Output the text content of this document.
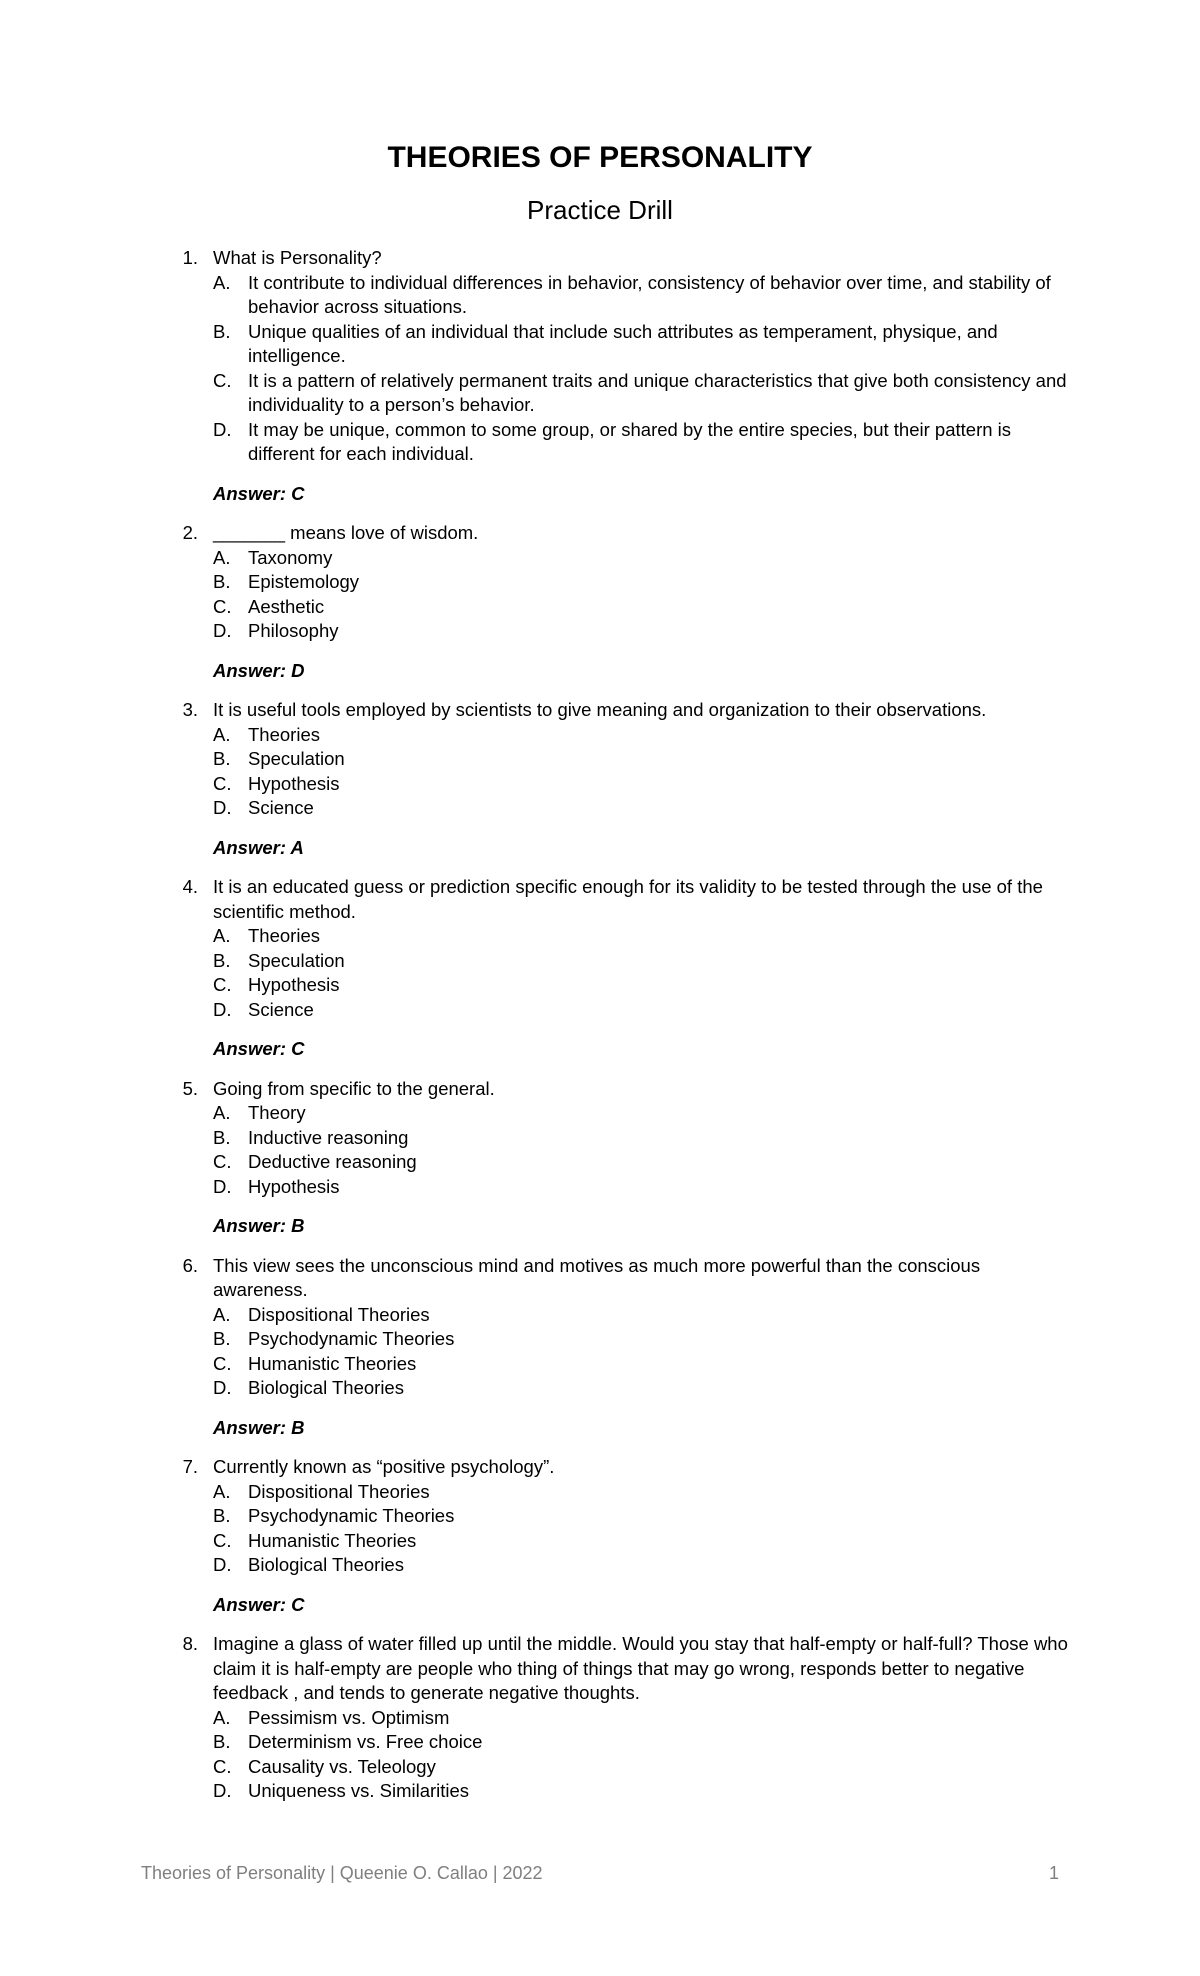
THEORIES OF PERSONALITY
Practice Drill
1. What is Personality?
A. It contribute to individual differences in behavior, consistency of behavior over time, and stability of behavior across situations.
B. Unique qualities of an individual that include such attributes as temperament, physique, and intelligence.
C. It is a pattern of relatively permanent traits and unique characteristics that give both consistency and individuality to a person’s behavior.
D. It may be unique, common to some group, or shared by the entire species, but their pattern is different for each individual.
Answer: C
2. _______ means love of wisdom.
A. Taxonomy
B. Epistemology
C. Aesthetic
D. Philosophy
Answer: D
3. It is useful tools employed by scientists to give meaning and organization to their observations.
A. Theories
B. Speculation
C. Hypothesis
D. Science
Answer: A
4. It is an educated guess or prediction specific enough for its validity to be tested through the use of the scientific method.
A. Theories
B. Speculation
C. Hypothesis
D. Science
Answer: C
5. Going from specific to the general.
A. Theory
B. Inductive reasoning
C. Deductive reasoning
D. Hypothesis
Answer: B
6. This view sees the unconscious mind and motives as much more powerful than the conscious awareness.
A. Dispositional Theories
B. Psychodynamic Theories
C. Humanistic Theories
D. Biological Theories
Answer: B
7. Currently known as “positive psychology”.
A. Dispositional Theories
B. Psychodynamic Theories
C. Humanistic Theories
D. Biological Theories
Answer: C
8. Imagine a glass of water filled up until the middle. Would you stay that half-empty or half-full? Those who claim it is half-empty are people who thing of things that may go wrong, responds better to negative feedback , and tends to generate negative thoughts.
A. Pessimism vs. Optimism
B. Determinism vs. Free choice
C. Causality vs. Teleology
D. Uniqueness vs. Similarities
Theories of Personality | Queenie O. Callao | 2022	1
